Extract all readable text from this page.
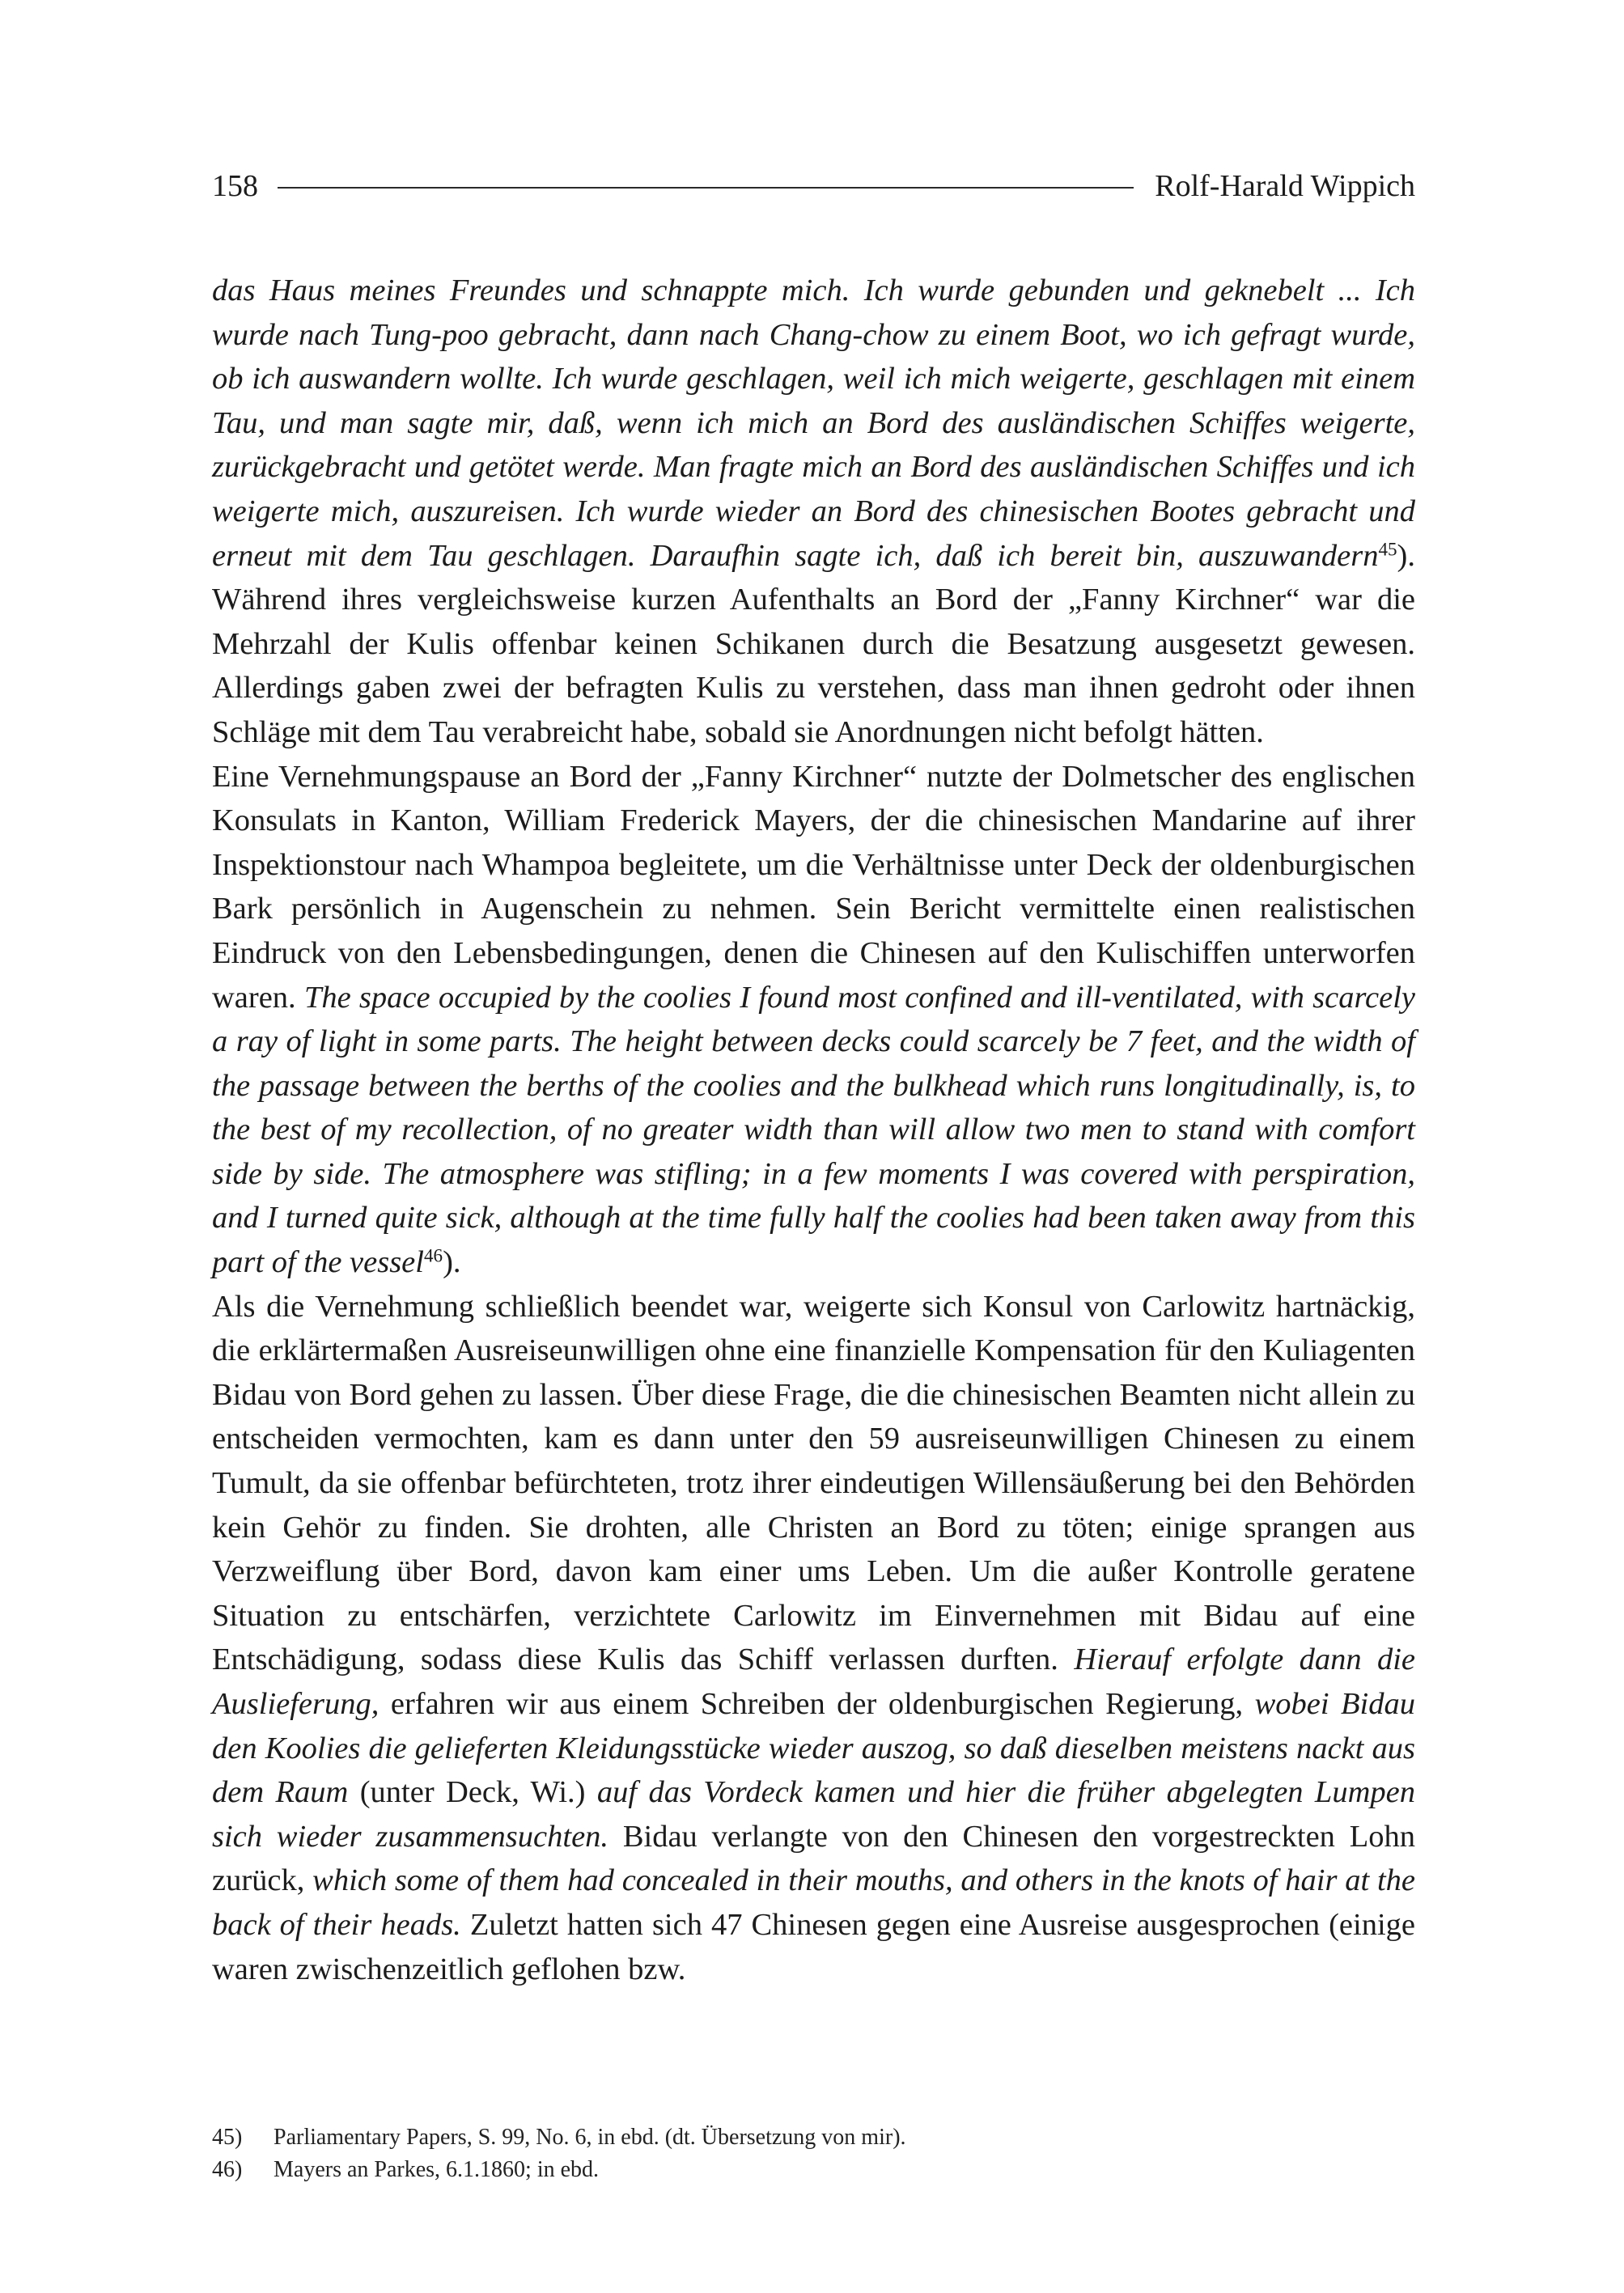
158	Rolf-Harald Wippich

das Haus meines Freundes und schnappte mich. Ich wurde gebunden und geknebelt ... Ich wurde nach Tung-poo gebracht, dann nach Chang-chow zu einem Boot, wo ich gefragt wurde, ob ich auswandern wollte. Ich wurde geschlagen, weil ich mich weigerte, geschlagen mit einem Tau, und man sagte mir, daß, wenn ich mich an Bord des ausländischen Schiffes weigerte, zurückgebracht und getötet werde. Man fragte mich an Bord des ausländischen Schiffes und ich weigerte mich, auszureisen. Ich wurde wieder an Bord des chinesischen Bootes gebracht und erneut mit dem Tau geschlagen. Daraufhin sagte ich, daß ich bereit bin, auszuwandern$^{45}$). Während ihres vergleichsweise kurzen Aufenthalts an Bord der „Fanny Kirchner“ war die Mehrzahl der Kulis offenbar keinen Schikanen durch die Besatzung ausgesetzt gewesen. Allerdings gaben zwei der befragten Kulis zu verstehen, dass man ihnen gedroht oder ihnen Schläge mit dem Tau verabreicht habe, sobald sie Anordnungen nicht befolgt hätten.

Eine Vernehmungspause an Bord der „Fanny Kirchner“ nutzte der Dolmetscher des englischen Konsulats in Kanton, William Frederick Mayers, der die chinesischen Mandarine auf ihrer Inspektionstour nach Whampoa begleitete, um die Verhältnisse unter Deck der oldenburgischen Bark persönlich in Augenschein zu nehmen. Sein Bericht vermittelte einen realistischen Eindruck von den Lebensbedingungen, denen die Chinesen auf den Kulischiffen unterworfen waren. The space occupied by the coolies I found most confined and ill-ventilated, with scarcely a ray of light in some parts. The height between decks could scarcely be 7 feet, and the width of the passage between the berths of the coolies and the bulkhead which runs longitudinally, is, to the best of my recollection, of no greater width than will allow two men to stand with comfort side by side. The atmosphere was stifling; in a few moments I was covered with perspiration, and I turned quite sick, although at the time fully half the coolies had been taken away from this part of the vessel$^{46}$).

Als die Vernehmung schließlich beendet war, weigerte sich Konsul von Carlowitz hartnäckig, die erklärtermaßen Ausreiseunwilligen ohne eine finanzielle Kompensation für den Kuliagenten Bidau von Bord gehen zu lassen. Über diese Frage, die die chinesischen Beamten nicht allein zu entscheiden vermochten, kam es dann unter den 59 ausreiseunwilligen Chinesen zu einem Tumult, da sie offenbar befürchteten, trotz ihrer eindeutigen Willensäußerung bei den Behörden kein Gehör zu finden. Sie drohten, alle Christen an Bord zu töten; einige sprangen aus Verzweiflung über Bord, davon kam einer ums Leben. Um die außer Kontrolle geratene Situation zu entschärfen, verzichtete Carlowitz im Einvernehmen mit Bidau auf eine Entschädigung, sodass diese Kulis das Schiff verlassen durften. Hierauf erfolgte dann die Auslieferung, erfahren wir aus einem Schreiben der oldenburgischen Regierung, wobei Bidau den Koolies die gelieferten Kleidungsstücke wieder auszog, so daß dieselben meistens nackt aus dem Raum (unter Deck, Wi.) auf das Vordeck kamen und hier die früher abgelegten Lumpen sich wieder zusammensuchten. Bidau verlangte von den Chinesen den vorgestreckten Lohn zurück, which some of them had concealed in their mouths, and others in the knots of hair at the back of their heads. Zuletzt hatten sich 47 Chinesen gegen eine Ausreise ausgesprochen (einige waren zwischenzeitlich geflohen bzw.

45)	Parliamentary Papers, S. 99, No. 6, in ebd. (dt. Übersetzung von mir).
46)	Mayers an Parkes, 6.1.1860; in ebd.
